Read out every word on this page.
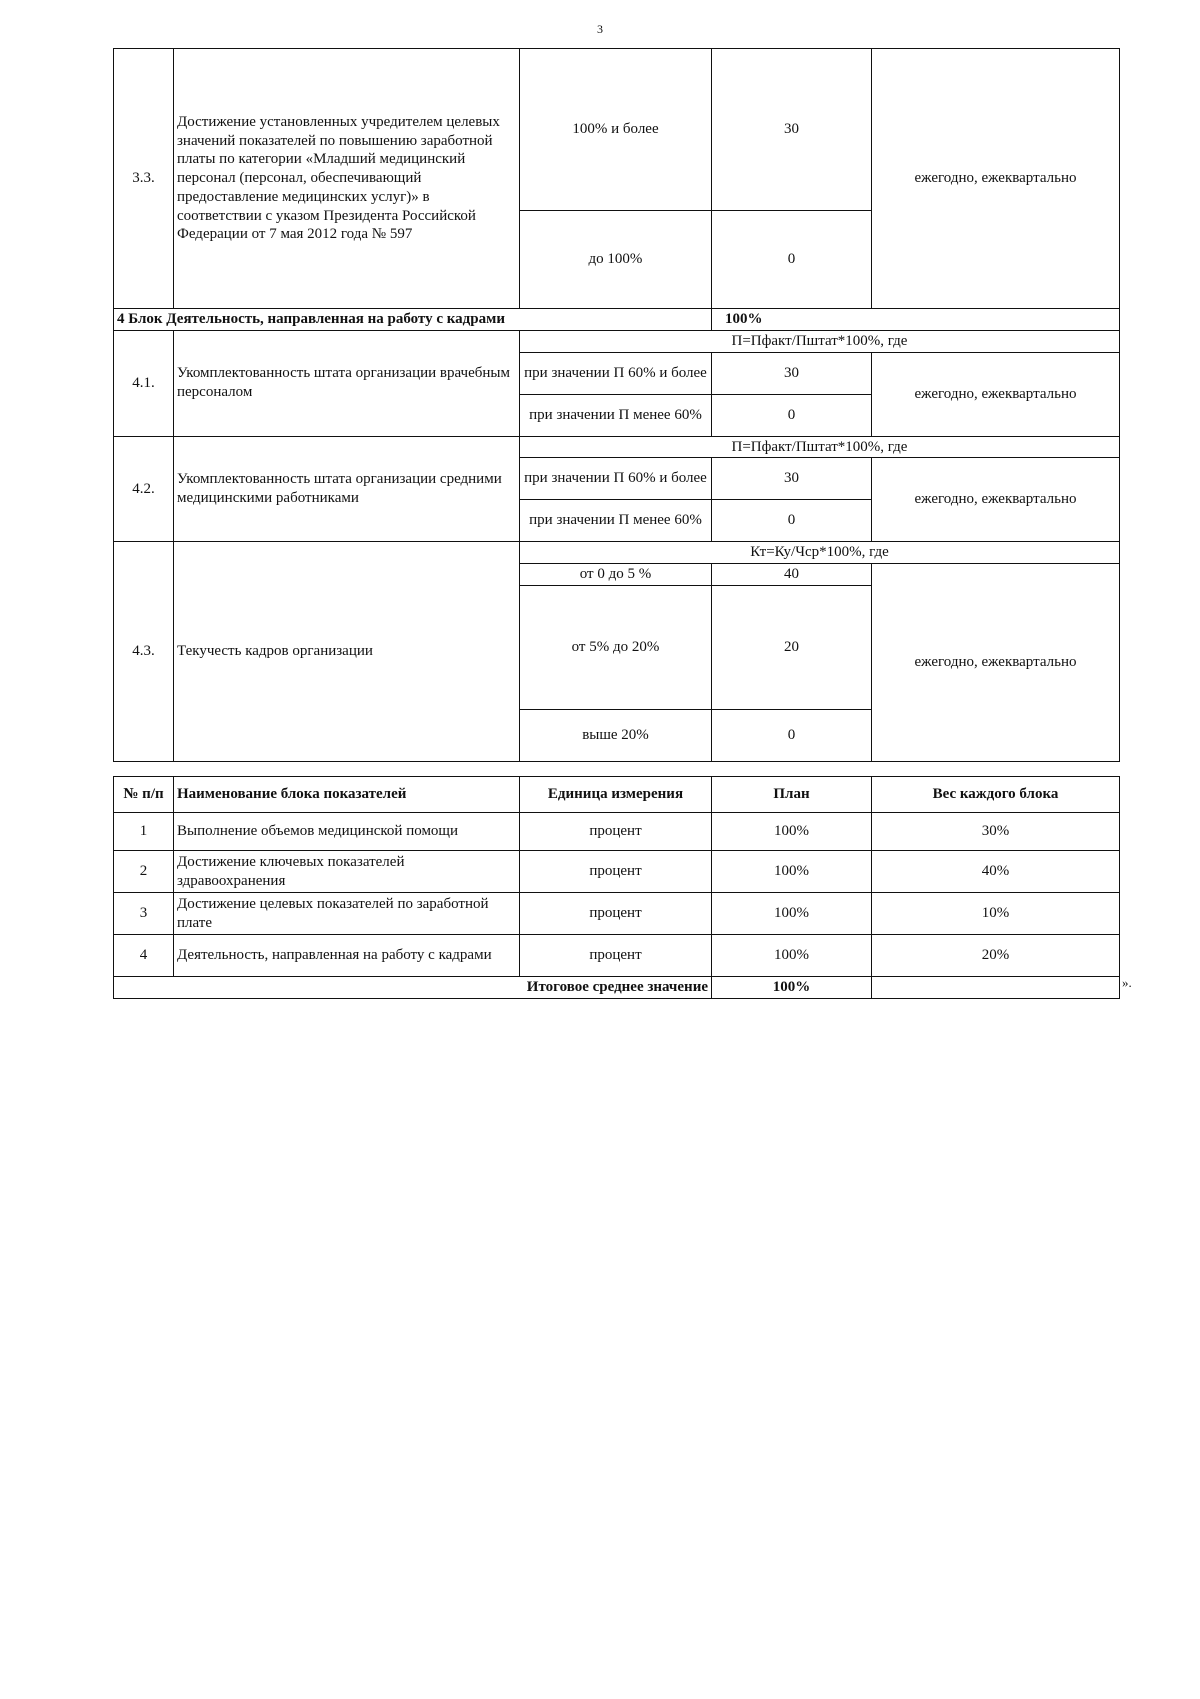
3
3.3.	Достижение установленных учредителем целевых значений показателей по повышению заработной платы по категории «Младший медицинский персонал (персонал, обеспечивающий предоставление медицинских услуг)» в соответствии с указом Президента Российской Федерации от 7 мая 2012 года № 597	100% и более	30	ежегодно, ежеквартально
		до 100%	0	
4 Блок Деятельность, направленная на работу с кадрами			100%	
4.1.	Укомплектованность штата организации врачебным персоналом	П=Пфакт/Пштат*100%, где		
		при значении П 60% и более	30	ежегодно, ежеквартально
		при значении П менее 60%	0	
4.2.	Укомплектованность штата организации средними медицинскими работниками	П=Пфакт/Пштат*100%, где		
		при значении П 60% и более	30	ежегодно, ежеквартально
		при значении П менее 60%	0	
4.3.	Текучесть кадров организации	Кт=Ку/Чср*100%, где		
		от 0 до 5 %	40	ежегодно, ежеквартально
		от 5% до 20%	20	
		выше 20%	0	
№ п/п	Наименование блока показателей	Единица измерения	План	Вес каждого блока
1	Выполнение объемов медицинской помощи	процент	100%	30%
2	Достижение ключевых показателей здравоохранения	процент	100%	40%
3	Достижение целевых показателей по заработной плате	процент	100%	10%
4	Деятельность, направленная на работу с кадрами	процент	100%	20%
Итоговое среднее значение			100%		».
